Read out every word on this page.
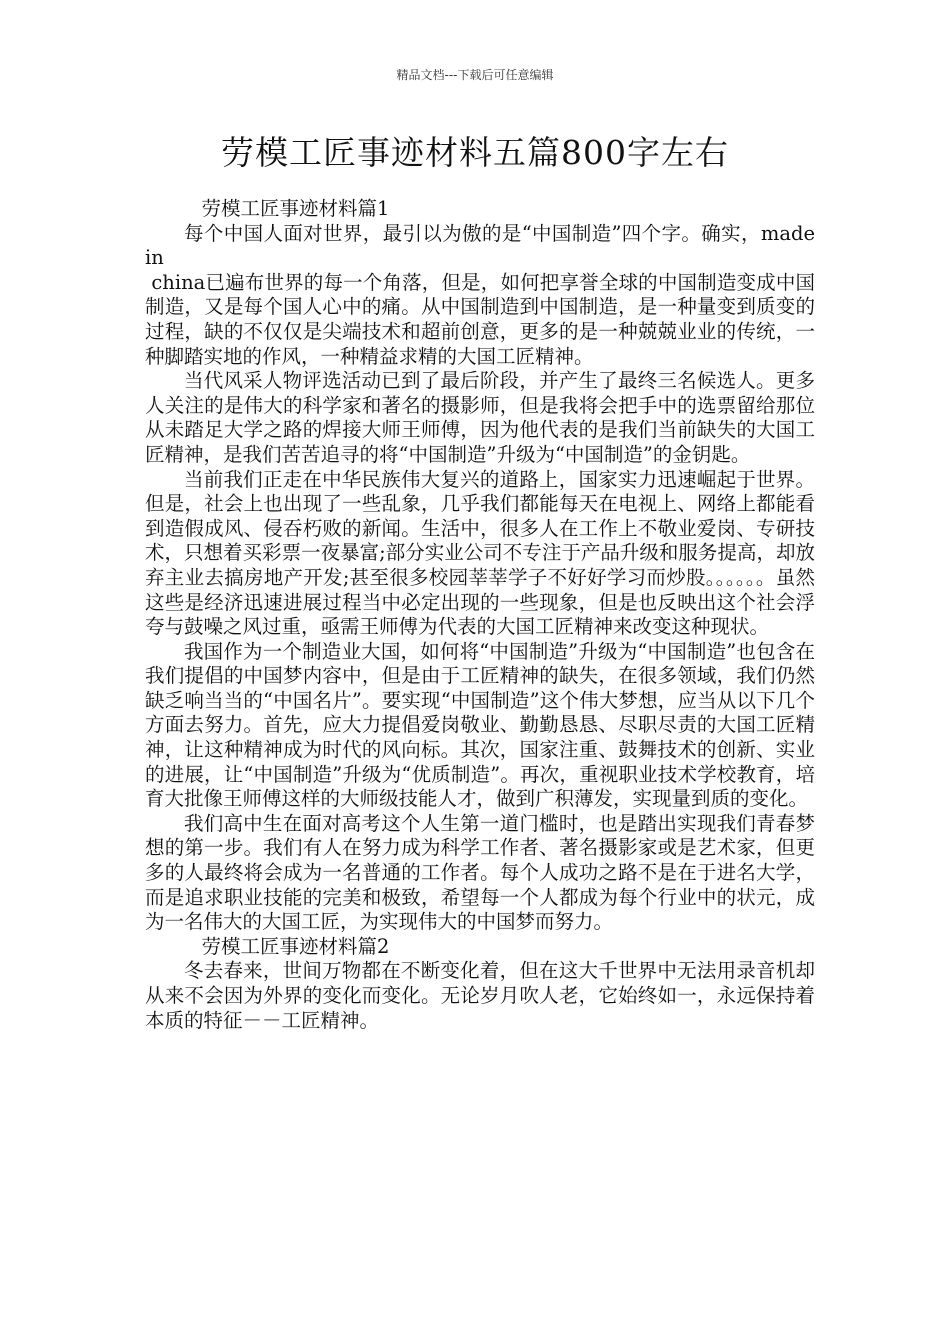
精品文档---下载后可任意编辑
劳模工匠事迹材料五篇800字左右

劳模工匠事迹材料篇1

每个中国人面对世界，最引以为傲的是“中国制造”四个字。确实，made in
china已遍布世界的每一个角落，但是，如何把享誉全球的中国制造变成中国制造，又是每个国人心中的痛。从中国制造到中国制造，是一种量变到质变的过程，缺的不仅仅是尖端技术和超前创意，更多的是一种兢兢业业的传统，一种脚踏实地的作风，一种精益求精的大国工匠精神。

当代风采人物评选活动已到了最后阶段，并产生了最终三名候选人。更多人关注的是伟大的科学家和著名的摄影师，但是我将会把手中的选票留给那位从未踏足大学之路的焊接大师王师傅，因为他代表的是我们当前缺失的大国工匠精神，是我们苦苦追寻的将“中国制造”升级为“中国制造”的金钥匙。

当前我们正走在中华民族伟大复兴的道路上，国家实力迅速崛起于世界。但是，社会上也出现了一些乱象，几乎我们都能每天在电视上、网络上都能看到造假成风、侵吞朽败的新闻。生活中，很多人在工作上不敬业爱岗、专研技术，只想着买彩票一夜暴富;部分实业公司不专注于产品升级和服务提高，却放弃主业去搞房地产开发;甚至很多校园莘莘学子不好好学习而炒股。。。。。。虽然这些是经济迅速进展过程当中必定出现的一些现象，但是也反映出这个社会浮夸与鼓噪之风过重，亟需王师傅为代表的大国工匠精神来改变这种现状。

我国作为一个制造业大国，如何将“中国制造”升级为“中国制造”也包含在我们提倡的中国梦内容中，但是由于工匠精神的缺失，在很多领域，我们仍然缺乏响当当的“中国名片”。要实现“中国制造”这个伟大梦想，应当从以下几个方面去努力。首先，应大力提倡爱岗敬业、勤勤恳恳、尽职尽责的大国工匠精神，让这种精神成为时代的风向标。其次，国家注重、鼓舞技术的创新、实业的进展，让“中国制造”升级为“优质制造”。再次，重视职业技术学校教育，培育大批像王师傅这样的大师级技能人才，做到广积薄发，实现量到质的变化。

我们高中生在面对高考这个人生第一道门槛时，也是踏出实现我们青春梦想的第一步。我们有人在努力成为科学工作者、著名摄影家或是艺术家，但更多的人最终将会成为一名普通的工作者。每个人成功之路不是在于进名大学，而是追求职业技能的完美和极致，希望每一个人都成为每个行业中的状元，成为一名伟大的大国工匠，为实现伟大的中国梦而努力。

劳模工匠事迹材料篇2

冬去春来，世间万物都在不断变化着，但在这大千世界中无法用录音机却从来不会因为外界的变化而变化。无论岁月吹人老，它始终如一，永远保持着本质的特征－－工匠精神。
